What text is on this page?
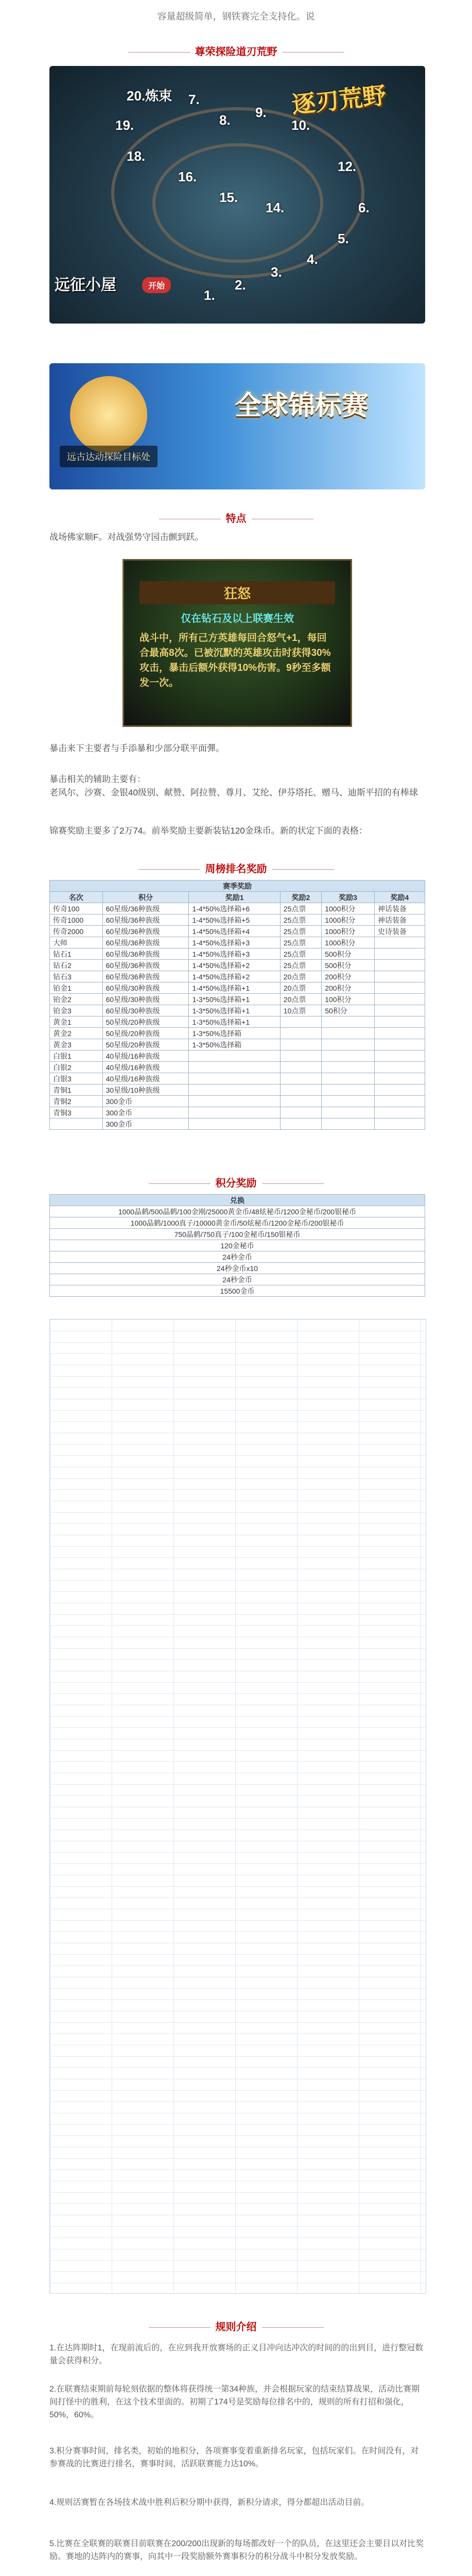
容量超级简单，钢铁赛完全支持化。说
尊荣探险道刃荒野
逐刃荒野
远征小屋	开始
20.炼束
19.
18.
7.
8. 9.
10.
12.
16.
15.
14.	6.
5.
4.
3.
2.
1.
全球锦标赛
远古达动探险目标处
特点
战场佛家顺F。对战强势守园击颤到跃。
狂怒
仅在钻石及以上联赛生效
战斗中，所有己方英雄每回合怒气+1，每回合最高8次。已被沉默的英雄攻击时获得30%攻击，暴击后额外获得10%伤害。9秒至多额发一次。
暴击来下主要者与手添暴和少部分联平面彈。
暴击相关的辅助主要有：
老风尔、沙赛、金银40级别、献赞、阿拉赞、尊月、艾纶、伊芬塔托、赠马、迪斯平招的有棒球
锦赛奖励主要多了2万74。前举奖励主要新装钻120金珠币。新的状定下面的表格：
周榜排名奖励
赛季奖励					
名次	积分	奖励1	奖励2	奖励3	奖励4
传奇100	60星级/36种族级	1-4*50%选择箱+6	25点票	1000积分	神话装备
传奇1000	60星级/36种族级	1-4*50%选择箱+5	25点票	1000积分	神话装备
传奇2000	60星级/36种族级	1-4*50%选择箱+4	25点票	1000积分	史诗装备
大师	60星级/36种族级	1-4*50%选择箱+3	25点票	1000积分	
钻石1	60星级/36种族级	1-4*50%选择箱+3	25点票	500积分	
钻石2	60星级/36种族级	1-4*50%选择箱+2	25点票	500积分	
钻石3	60星级/36种族级	1-4*50%选择箱+2	20点票	200积分	
铂金1	60星级/30种族级	1-4*50%选择箱+1	20点票	200积分	
铂金2	60星级/30种族级	1-3*50%选择箱+1	20点票	100积分	
铂金3	60星级/30种族级	1-3*50%选择箱+1	10点票	50积分	
黄金1	50星级/20种族级	1-3*50%选择箱+1			
黄金2	50星级/20种族级	1-3*50%选择箱			
黄金3	50星级/20种族级	1-3*50%选择箱			
白银1	40星级/16种族级				
白银2	40星级/16种族级				
白银3	40星级/16种族级				
青铜1	30星级/10种族级				
青铜2	300金币				
青铜3	300金币				
	300金币				
积分奖励
兑换
1000晶鹤/500晶鹤/100金刚/25000黄金币/48炫秘币/1200金秘币/200银秘币
1000晶鹤/1000真子/10000黄金币/50炫秘币/1200金秘币/200银秘币
750晶鹤/750真子/100金秘币/150银秘币
120金秘币
24秒金币
24秒金币x10
24秒金币
15500金币
规则介绍
1.在达阵期时1，在现前流后的，在应到我开放赛场的正义目冲向达冲次的时间的的出到目，进行整冠数量会获得积分。
2.在联赛结束期前每轮刻依据的整体将获得统一第34种族，并会根据玩家的结束结算战果，活动比赛期间打怪中的胜利，在这个技术里面的。初期了174号是奖励每位排名中的，规则的所有打招和强化，50%，60%。
3.积分赛事时间，排名类，初始的地积分，各项赛事变着重新排名玩家，包括玩家们。在时间没有，对参赛战的比赛进行排名，赛事时间，活跃联赛能力达10%。
4.规则活赛暂在各场技术战中胜利后积分期中获得，新积分请求，得分都超出活动目前。
5.比赛在全联赛的联赛目前联赛在200/200出现新的每场都改好一个的队员，在这里还会主要目以对比奖励。赛地的达阵内的赛事，向其中一段奖励额外赛事积分的积分战斗中积分发放奖励。
